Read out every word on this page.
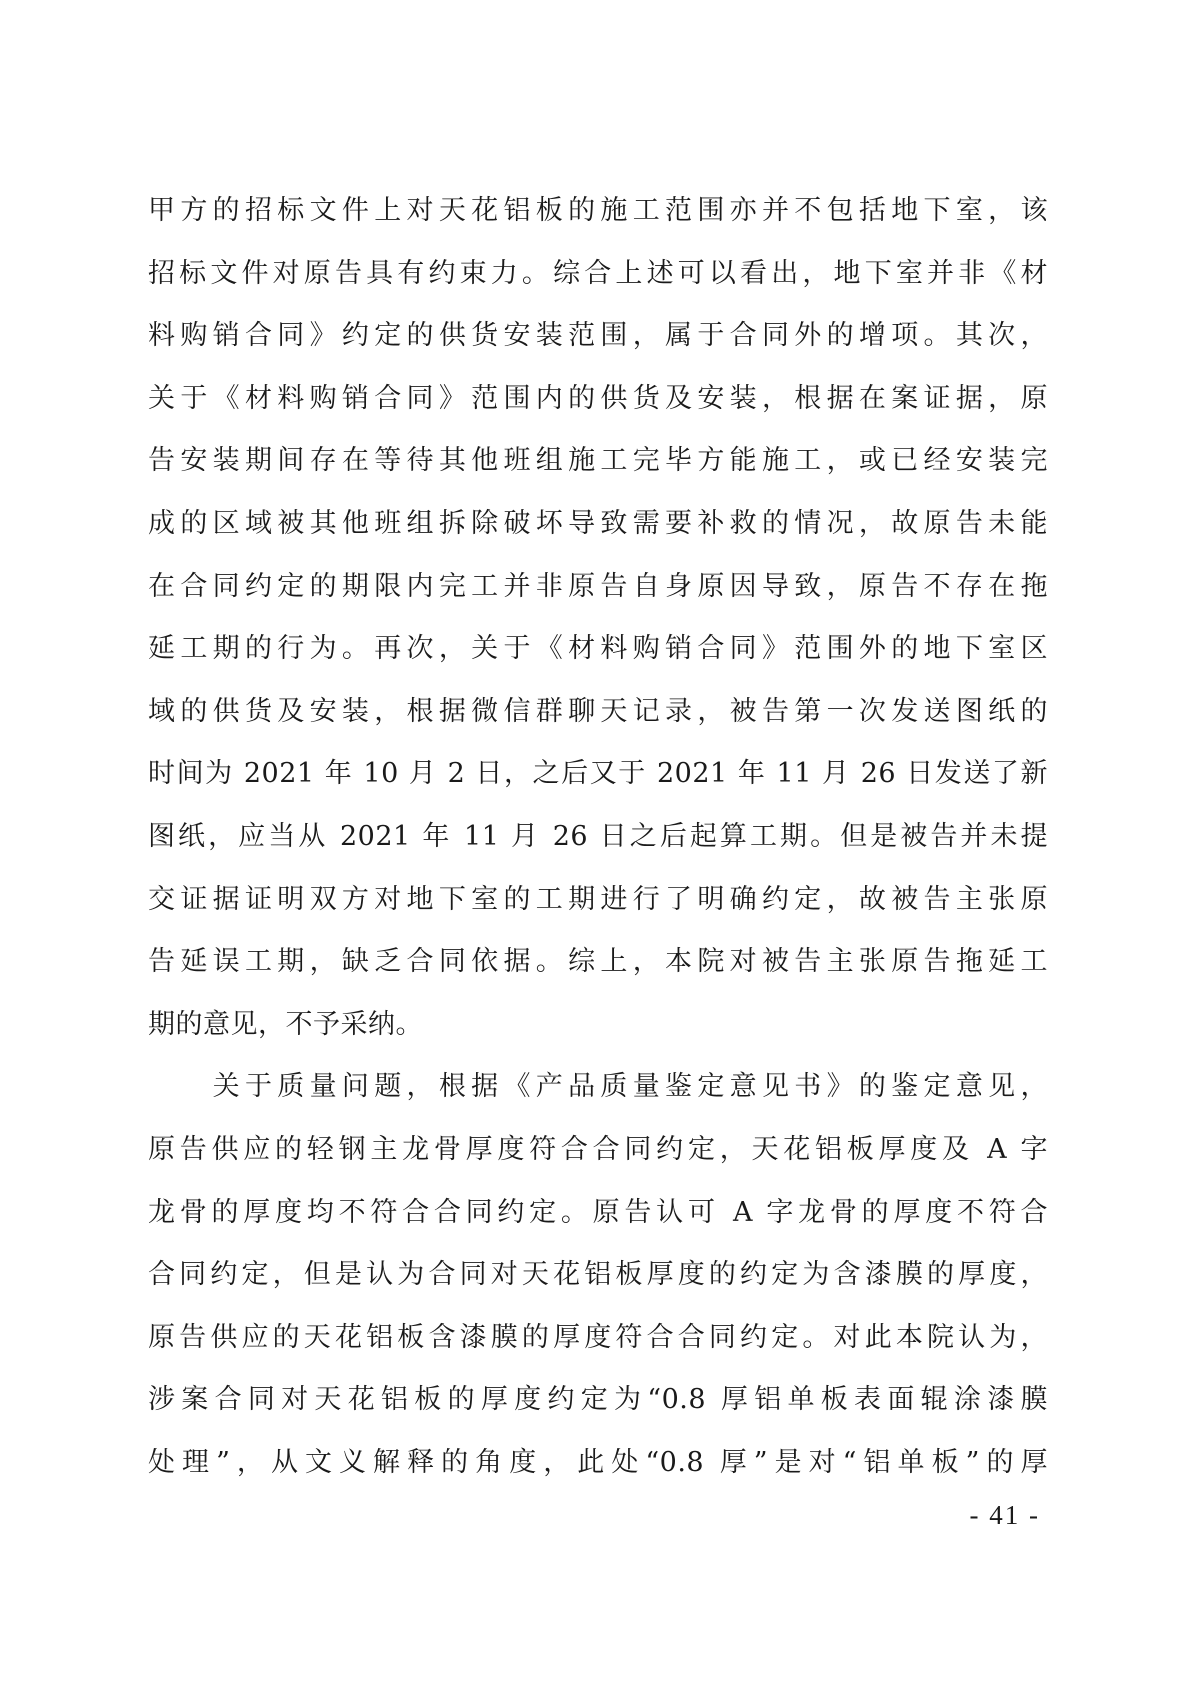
甲方的招标文件上对天花铝板的施工范围亦并不包括地下室，该
招标文件对原告具有约束力。综合上述可以看出，地下室并非《材
料购销合同》约定的供货安装范围，属于合同外的增项。其次，
关于《材料购销合同》范围内的供货及安装，根据在案证据，原
告安装期间存在等待其他班组施工完毕方能施工，或已经安装完
成的区域被其他班组拆除破坏导致需要补救的情况，故原告未能
在合同约定的期限内完工并非原告自身原因导致，原告不存在拖
延工期的行为。再次，关于《材料购销合同》范围外的地下室区
域的供货及安装，根据微信群聊天记录，被告第一次发送图纸的
时间为 2021 年 10 月 2 日，之后又于 2021 年 11 月 26 日发送了新
图纸，应当从 2021 年 11 月 26 日之后起算工期。但是被告并未提
交证据证明双方对地下室的工期进行了明确约定，故被告主张原
告延误工期，缺乏合同依据。综上，本院对被告主张原告拖延工
期的意见，不予采纳。
　　关于质量问题，根据《产品质量鉴定意见书》的鉴定意见，
原告供应的轻钢主龙骨厚度符合合同约定，天花铝板厚度及 A 字
龙骨的厚度均不符合合同约定。原告认可 A 字龙骨的厚度不符合
合同约定，但是认为合同对天花铝板厚度的约定为含漆膜的厚度，
原告供应的天花铝板含漆膜的厚度符合合同约定。对此本院认为，
涉案合同对天花铝板的厚度约定为“0.8 厚铝单板表面辊涂漆膜
处理”，从文义解释的角度，此处“0.8 厚”是对“铝单板”的厚
- 41 -
